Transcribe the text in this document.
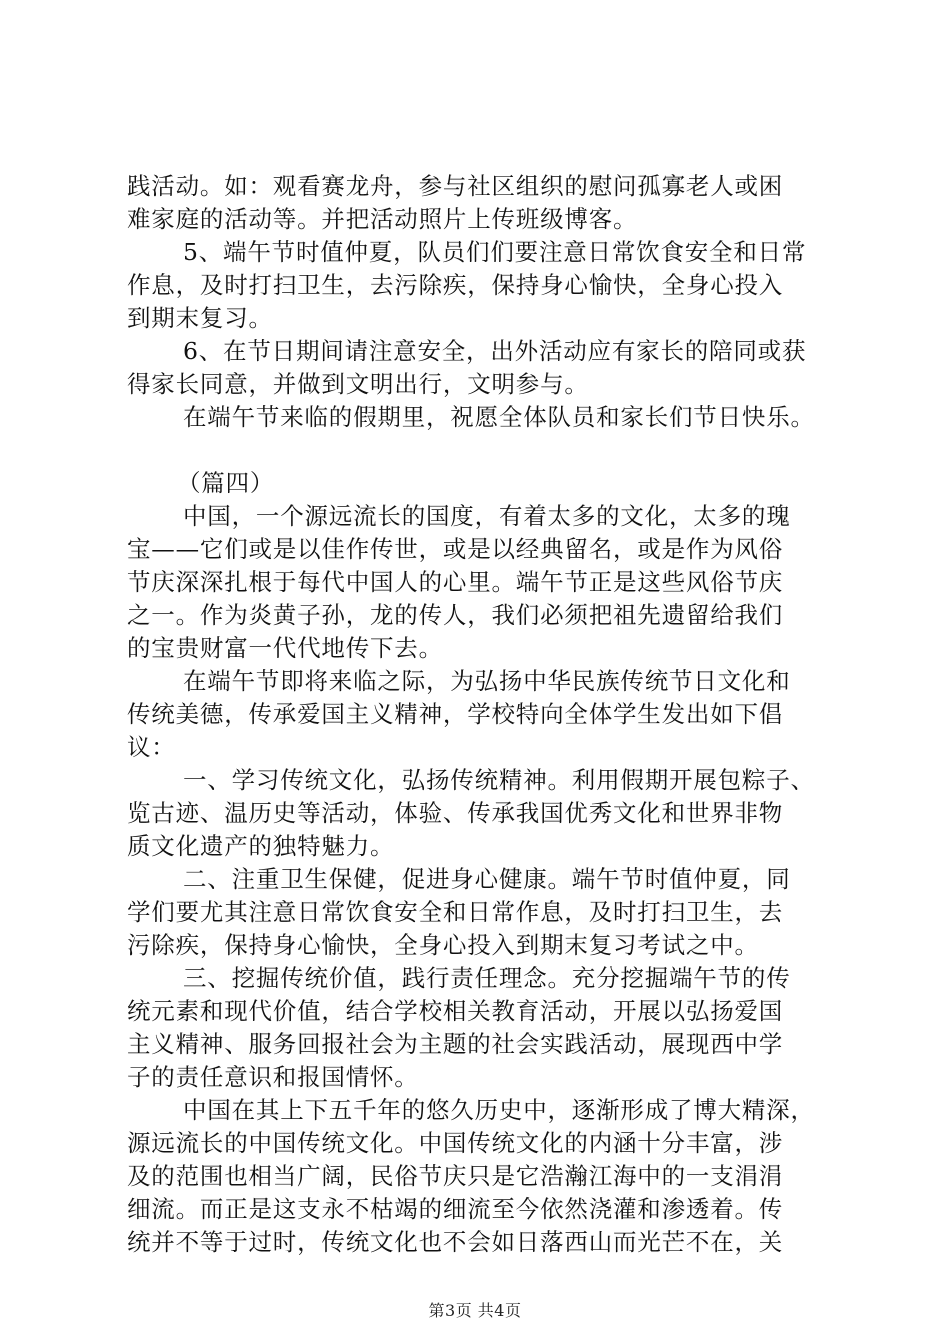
践活动。如：观看赛龙舟，参与社区组织的慰问孤寡老人或困
难家庭的活动等。并把活动照片上传班级博客。
5、端午节时值仲夏，队员们们要注意日常饮食安全和日常
作息，及时打扫卫生，去污除疾，保持身心愉快，全身心投入
到期末复习。
6、在节日期间请注意安全，出外活动应有家长的陪同或获
得家长同意，并做到文明出行，文明参与。
在端午节来临的假期里，祝愿全体队员和家长们节日快乐。
（篇四）
中国，一个源远流长的国度，有着太多的文化，太多的瑰
宝——它们或是以佳作传世，或是以经典留名，或是作为风俗
节庆深深扎根于每代中国人的心里。端午节正是这些风俗节庆
之一。作为炎黄子孙，龙的传人，我们必须把祖先遗留给我们
的宝贵财富一代代地传下去。
在端午节即将来临之际，为弘扬中华民族传统节日文化和
传统美德，传承爱国主义精神，学校特向全体学生发出如下倡
议：
一、学习传统文化，弘扬传统精神。利用假期开展包粽子、
览古迹、温历史等活动，体验、传承我国优秀文化和世界非物
质文化遗产的独特魅力。
二、注重卫生保健，促进身心健康。端午节时值仲夏，同
学们要尤其注意日常饮食安全和日常作息，及时打扫卫生，去
污除疾，保持身心愉快，全身心投入到期末复习考试之中。
三、挖掘传统价值，践行责任理念。充分挖掘端午节的传
统元素和现代价值，结合学校相关教育活动，开展以弘扬爱国
主义精神、服务回报社会为主题的社会实践活动，展现西中学
子的责任意识和报国情怀。
中国在其上下五千年的悠久历史中，逐渐形成了博大精深，
源远流长的中国传统文化。中国传统文化的内涵十分丰富，涉
及的范围也相当广阔，民俗节庆只是它浩瀚江海中的一支涓涓
细流。而正是这支永不枯竭的细流至今依然浇灌和渗透着。传
统并不等于过时，传统文化也不会如日落西山而光芒不在，关
第3页 共4页
